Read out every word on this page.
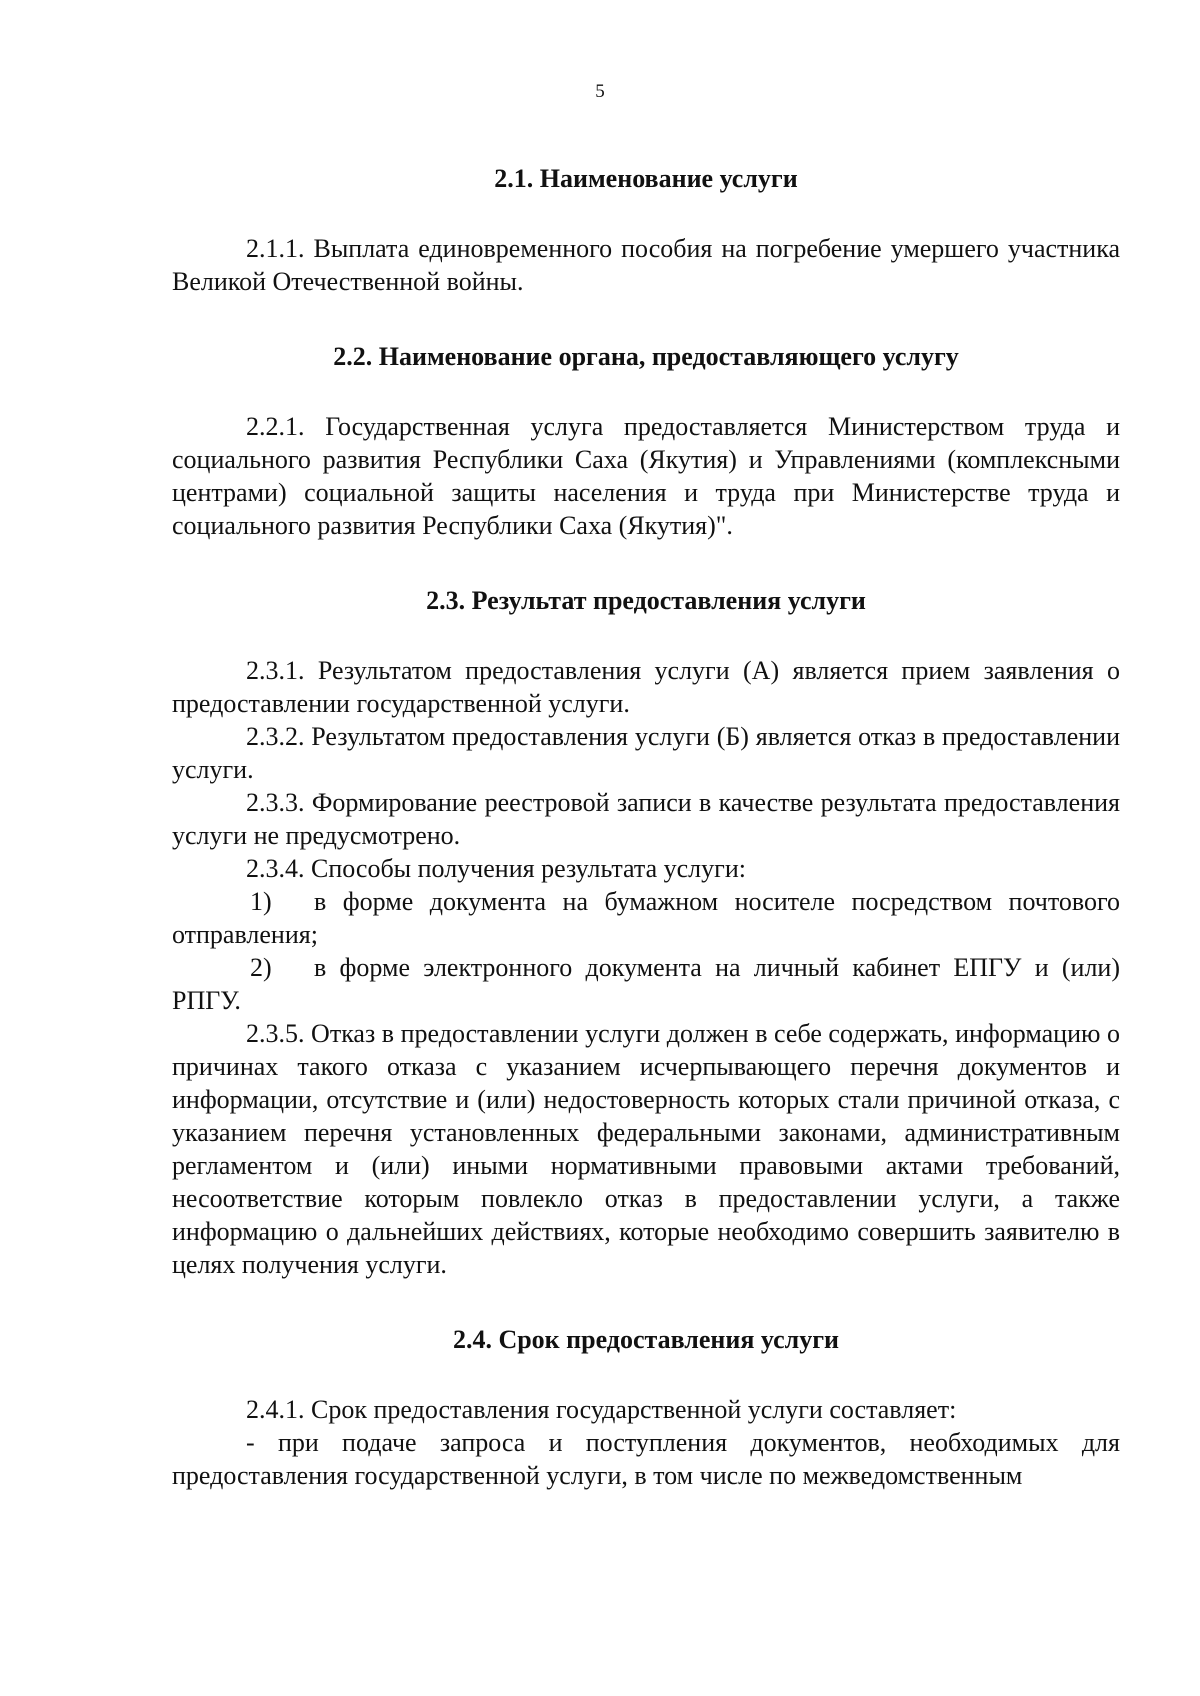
5
2.1. Наименование услуги

2.1.1. Выплата единовременного пособия на погребение умершего участника Великой Отечественной войны.

2.2. Наименование органа, предоставляющего услугу

2.2.1. Государственная услуга предоставляется Министерством труда и социального развития Республики Саха (Якутия) и Управлениями (комплексными центрами) социальной защиты населения и труда при Министерстве труда и социального развития Республики Саха (Якутия)".

2.3. Результат предоставления услуги

2.3.1. Результатом предоставления услуги (А) является прием заявления о предоставлении государственной услуги.

2.3.2. Результатом предоставления услуги (Б) является отказ в предоставлении услуги.

2.3.3. Формирование реестровой записи в качестве результата предоставления услуги не предусмотрено.

2.3.4. Способы получения результата услуги:

1) в форме документа на бумажном носителе посредством почтового отправления;

2) в форме электронного документа на личный кабинет ЕПГУ и (или) РПГУ.

2.3.5. Отказ в предоставлении услуги должен в себе содержать, информацию о причинах такого отказа с указанием исчерпывающего перечня документов и информации, отсутствие и (или) недостоверность которых стали причиной отказа, с указанием перечня установленных федеральными законами, административным регламентом и (или) иными нормативными правовыми актами требований, несоответствие которым повлекло отказ в предоставлении услуги, а также информацию о дальнейших действиях, которые необходимо совершить заявителю в целях получения услуги.

2.4. Срок предоставления услуги

2.4.1. Срок предоставления государственной услуги составляет:

- при подаче запроса и поступления документов, необходимых для предоставления государственной услуги, в том числе по межведомственным
